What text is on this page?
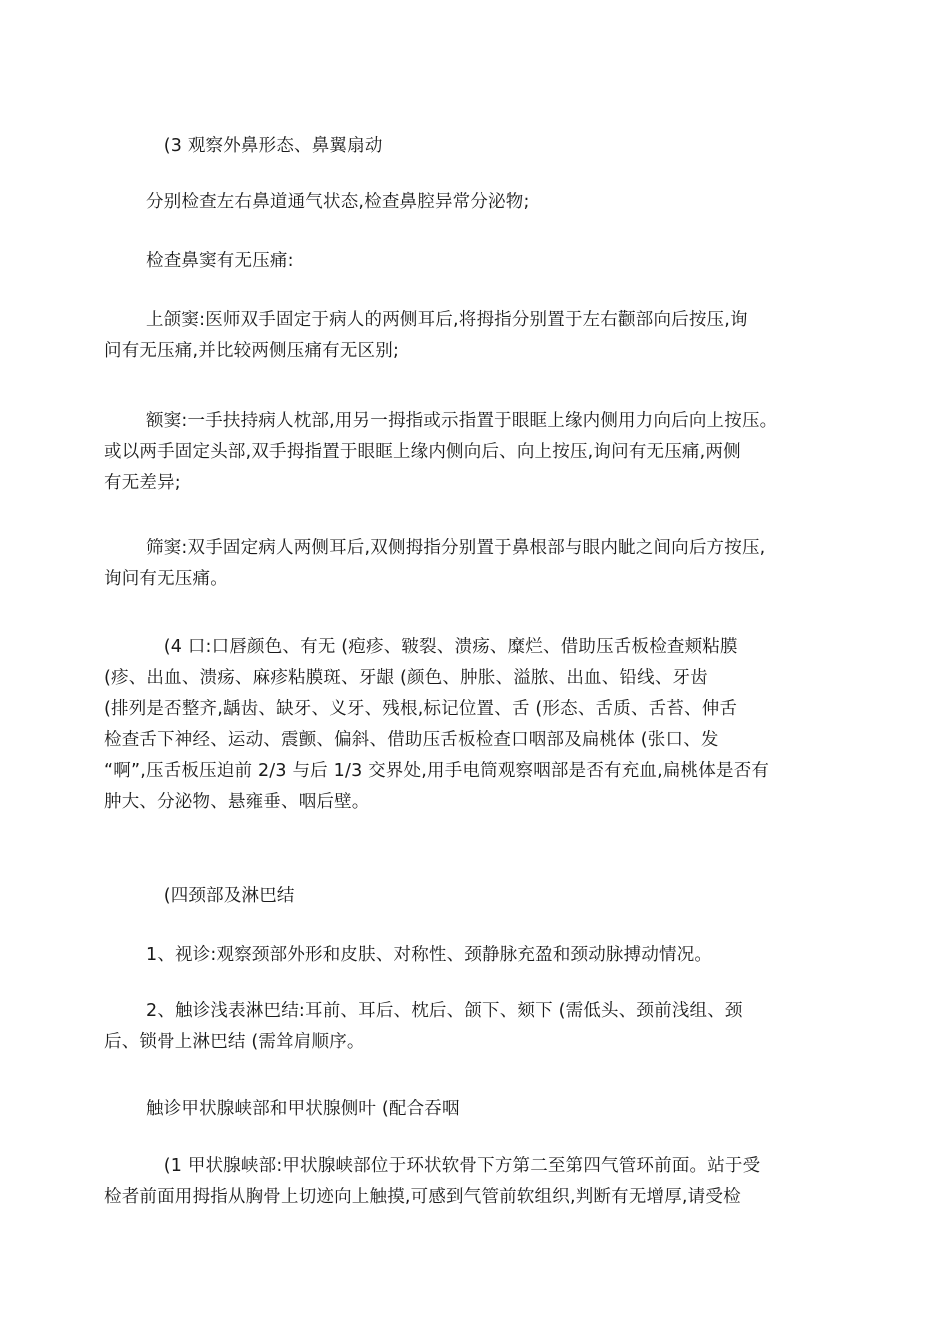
　(3 观察外鼻形态、鼻翼扇动

分别检查左右鼻道通气状态,检查鼻腔异常分泌物;

检查鼻窦有无压痛:

上颌窦:医师双手固定于病人的两侧耳后,将拇指分别置于左右颧部向后按压,询
问有无压痛,并比较两侧压痛有无区别;

额窦:一手扶持病人枕部,用另一拇指或示指置于眼眶上缘内侧用力向后向上按压。
或以两手固定头部,双手拇指置于眼眶上缘内侧向后、向上按压,询问有无压痛,两侧
有无差异;

筛窦:双手固定病人两侧耳后,双侧拇指分别置于鼻根部与眼内眦之间向后方按压,
询问有无压痛。

　(4 口:口唇颜色、有无 (疱疹、皲裂、溃疡、糜烂、借助压舌板检查颊粘膜
(疹、出血、溃疡、麻疹粘膜斑、牙龈 (颜色、肿胀、溢脓、出血、铅线、牙齿
(排列是否整齐,龋齿、缺牙、义牙、残根,标记位置、舌 (形态、舌质、舌苔、伸舌
检查舌下神经、运动、震颤、偏斜、借助压舌板检查口咽部及扁桃体 (张口、发
“啊”,压舌板压迫前 2/3 与后 1/3 交界处,用手电筒观察咽部是否有充血,扁桃体是否有
肿大、分泌物、悬雍垂、咽后壁。

　(四颈部及淋巴结

1、视诊:观察颈部外形和皮肤、对称性、颈静脉充盈和颈动脉搏动情况。

2、触诊浅表淋巴结:耳前、耳后、枕后、颌下、颏下 (需低头、颈前浅组、颈
后、锁骨上淋巴结 (需耸肩顺序。

触诊甲状腺峡部和甲状腺侧叶 (配合吞咽

　(1 甲状腺峡部:甲状腺峡部位于环状软骨下方第二至第四气管环前面。站于受
检者前面用拇指从胸骨上切迹向上触摸,可感到气管前软组织,判断有无增厚,请受检
